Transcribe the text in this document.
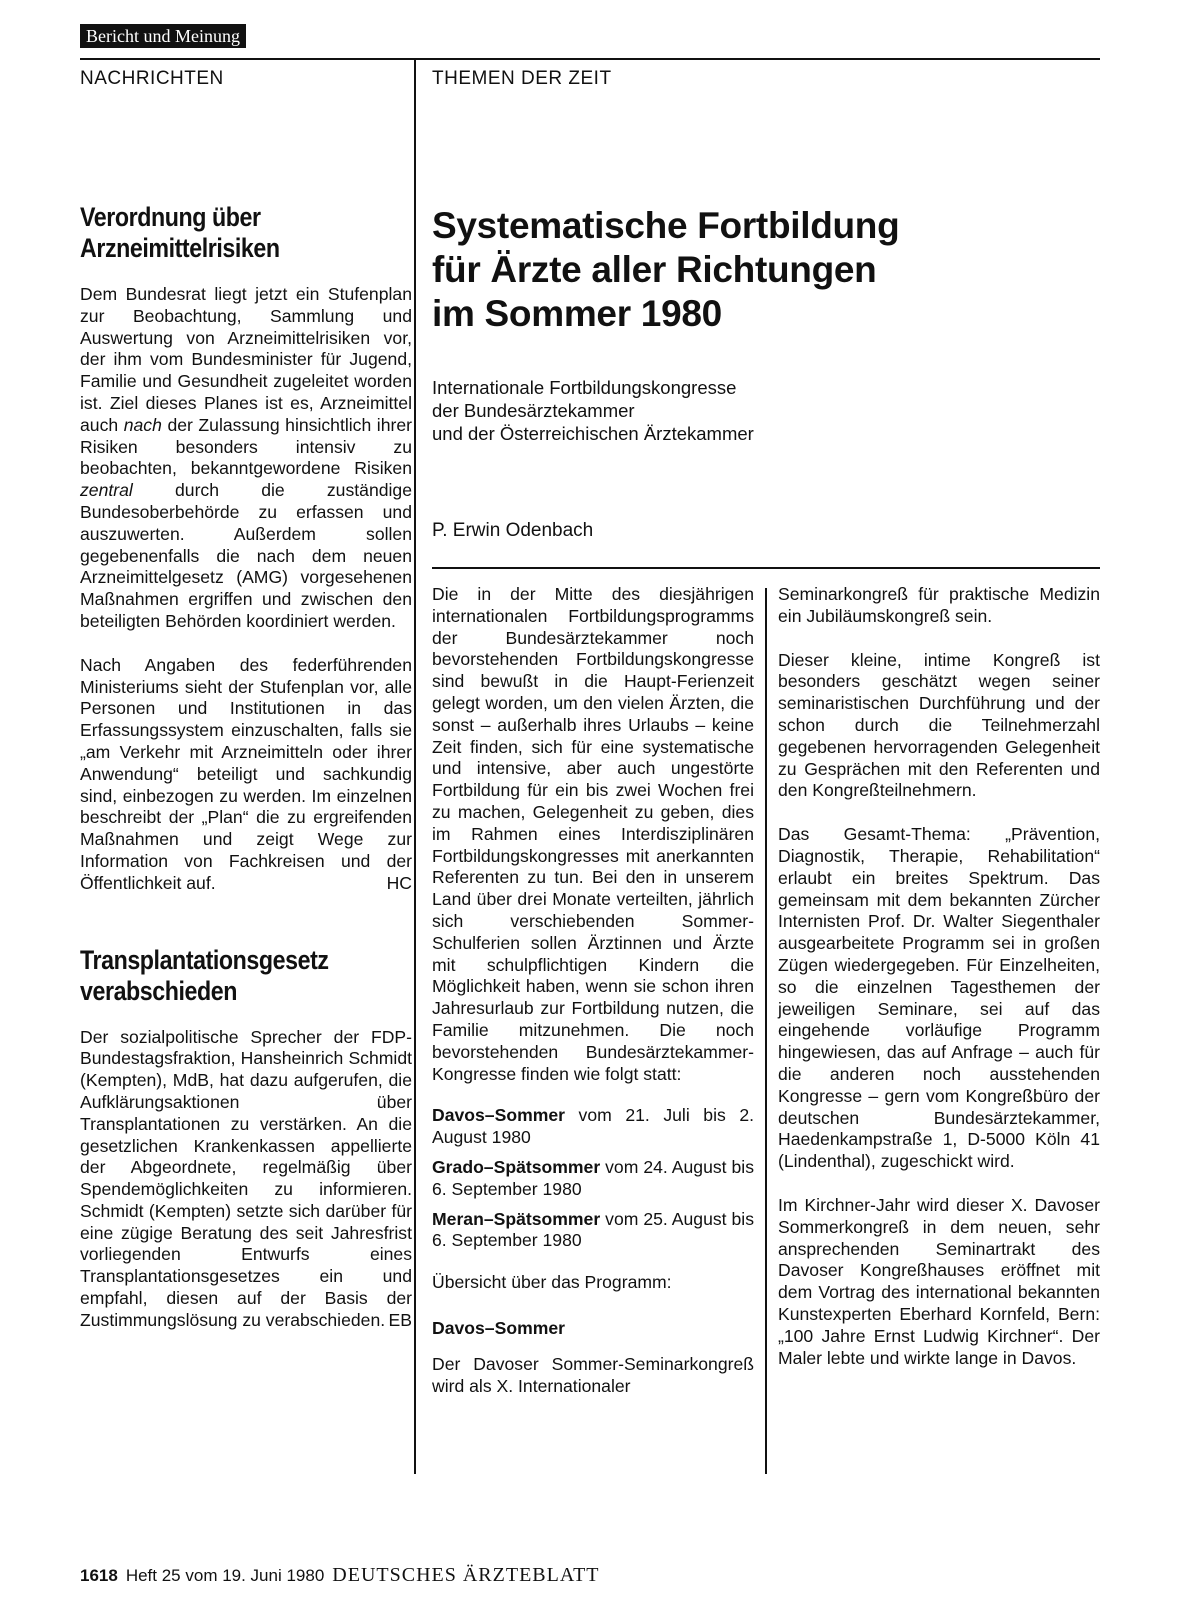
Bericht und Meinung
NACHRICHTEN	THEMEN DER ZEIT
Verordnung über
Arzneimittelrisiken

Dem Bundesrat liegt jetzt ein Stufenplan zur Beobachtung, Sammlung und Auswertung von Arzneimittelrisiken vor, der ihm vom Bundesminister für Jugend, Familie und Gesundheit zugeleitet worden ist. Ziel dieses Planes ist es, Arzneimittel auch nach der Zulassung hinsichtlich ihrer Risiken besonders intensiv zu beobachten, bekanntgewordene Risiken zentral durch die zuständige Bundesoberbehörde zu erfassen und auszuwerten. Außerdem sollen gegebenenfalls die nach dem neuen Arzneimittelgesetz (AMG) vorgesehenen Maßnahmen ergriffen und zwischen den beteiligten Behörden koordiniert werden.

Nach Angaben des federführenden Ministeriums sieht der Stufenplan vor, alle Personen und Institutionen in das Erfassungssystem einzuschalten, falls sie „am Verkehr mit Arzneimitteln oder ihrer Anwendung“ beteiligt und sachkundig sind, einbezogen zu werden. Im einzelnen beschreibt der „Plan“ die zu ergreifenden Maßnahmen und zeigt Wege zur Information von Fachkreisen und der Öffentlichkeit auf.	HC

Transplantationsgesetz
verabschieden

Der sozialpolitische Sprecher der FDP-Bundestagsfraktion, Hansheinrich Schmidt (Kempten), MdB, hat dazu aufgerufen, die Aufklärungsaktionen über Transplantationen zu verstärken. An die gesetzlichen Krankenkassen appellierte der Abgeordnete, regelmäßig über Spendemöglichkeiten zu informieren. Schmidt (Kempten) setzte sich darüber für eine zügige Beratung des seit Jahresfrist vorliegenden Entwurfs eines Transplantationsgesetzes ein und empfahl, diesen auf der Basis der Zustimmungslösung zu verabschieden. EB

Systematische Fortbildung
für Ärzte aller Richtungen
im Sommer 1980
Internationale Fortbildungskongresse
der Bundesärztekammer
und der Österreichischen Ärztekammer
P. Erwin Odenbach

Die in der Mitte des diesjährigen internationalen Fortbildungsprogramms der Bundesärztekammer noch bevorstehenden Fortbildungskongresse sind bewußt in die Haupt-Ferienzeit gelegt worden, um den vielen Ärzten, die sonst – außerhalb ihres Urlaubs – keine Zeit finden, sich für eine systematische und intensive, aber auch ungestörte Fortbildung für ein bis zwei Wochen frei zu machen, Gelegenheit zu geben, dies im Rahmen eines Interdisziplinären Fortbildungskongresses mit anerkannten Referenten zu tun. Bei den in unserem Land über drei Monate verteilten, jährlich sich verschiebenden Sommer-Schulferien sollen Ärztinnen und Ärzte mit schulpflichtigen Kindern die Möglichkeit haben, wenn sie schon ihren Jahresurlaub zur Fortbildung nutzen, die Familie mitzunehmen. Die noch bevorstehenden Bundesärztekammer-Kongresse finden wie folgt statt:

Davos–Sommer vom 21. Juli bis 2. August 1980

Grado–Spätsommer vom 24. August bis 6. September 1980

Meran–Spätsommer vom 25. August bis 6. September 1980

Übersicht über das Programm:

Davos–Sommer

Der Davoser Sommer-Seminarkongreß wird als X. Internationaler

Seminarkongreß für praktische Medizin ein Jubiläumskongreß sein.

Dieser kleine, intime Kongreß ist besonders geschätzt wegen seiner seminaristischen Durchführung und der schon durch die Teilnehmerzahl gegebenen hervorragenden Gelegenheit zu Gesprächen mit den Referenten und den Kongreßteilnehmern.

Das Gesamt-Thema: „Prävention, Diagnostik, Therapie, Rehabilitation“ erlaubt ein breites Spektrum. Das gemeinsam mit dem bekannten Zürcher Internisten Prof. Dr. Walter Siegenthaler ausgearbeitete Programm sei in großen Zügen wiedergegeben. Für Einzelheiten, so die einzelnen Tagesthemen der jeweiligen Seminare, sei auf das eingehende vorläufige Programm hingewiesen, das auf Anfrage – auch für die anderen noch ausstehenden Kongresse – gern vom Kongreßbüro der deutschen Bundesärztekammer, Haedenkampstraße 1, D-5000 Köln 41 (Lindenthal), zugeschickt wird.

Im Kirchner-Jahr wird dieser X. Davoser Sommerkongreß in dem neuen, sehr ansprechenden Seminartrakt des Davoser Kongreßhauses eröffnet mit dem Vortrag des international bekannten Kunstexperten Eberhard Kornfeld, Bern: „100 Jahre Ernst Ludwig Kirchner“. Der Maler lebte und wirkte lange in Davos.

1618 Heft 25 vom 19. Juni 1980 DEUTSCHES ÄRZTEBLATT
